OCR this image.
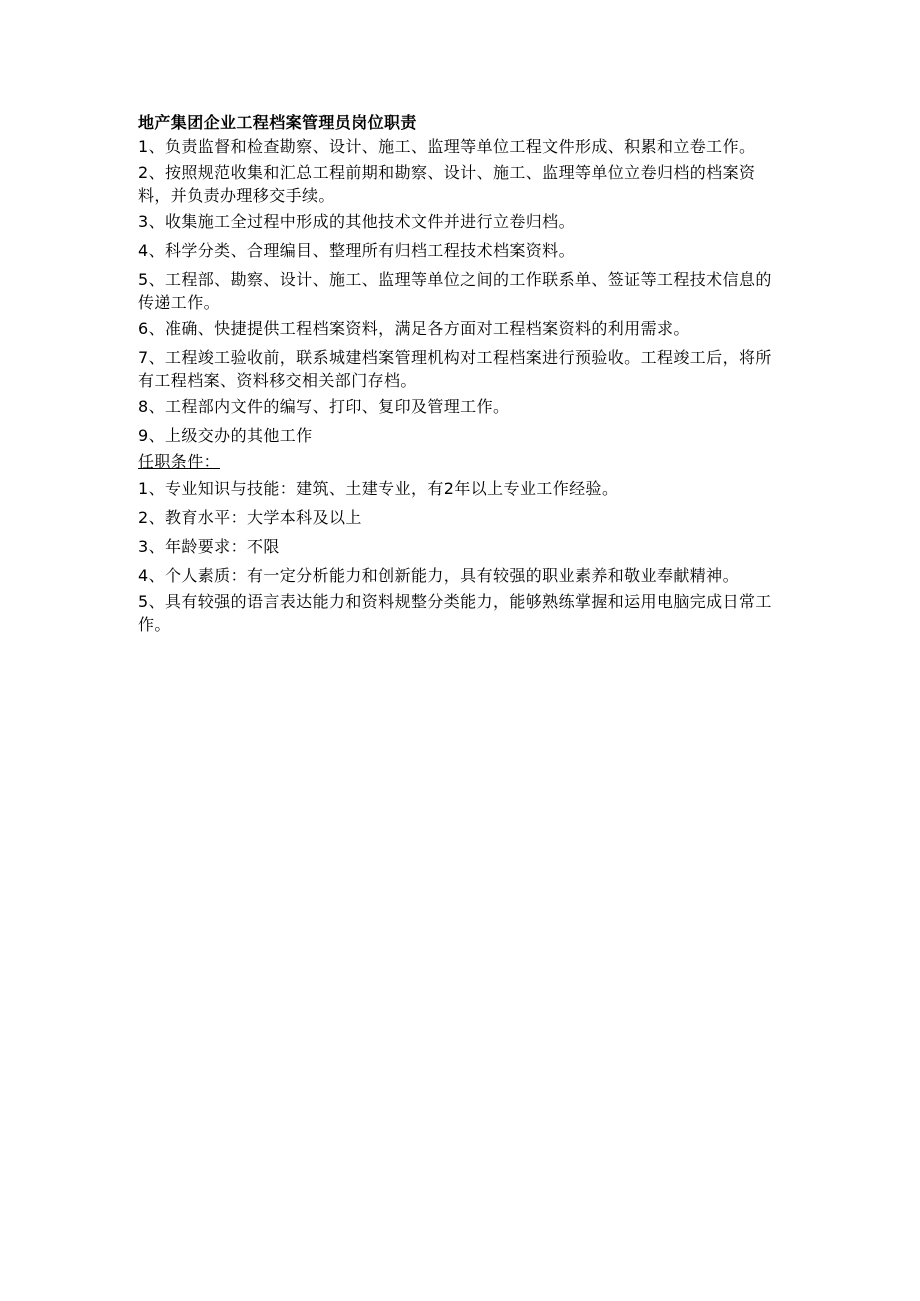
地产集团企业工程档案管理员岗位职责
1、负责监督和检查勘察、设计、施工、监理等单位工程文件形成、积累和立卷工作。
2、按照规范收集和汇总工程前期和勘察、设计、施工、监理等单位立卷归档的档案资料，并负责办理移交手续。
3、收集施工全过程中形成的其他技术文件并进行立卷归档。
4、科学分类、合理编目、整理所有归档工程技术档案资料。
5、工程部、勘察、设计、施工、监理等单位之间的工作联系单、签证等工程技术信息的传递工作。
6、准确、快捷提供工程档案资料，满足各方面对工程档案资料的利用需求。
7、工程竣工验收前，联系城建档案管理机构对工程档案进行预验收。工程竣工后，将所有工程档案、资料移交相关部门存档。
8、工程部内文件的编写、打印、复印及管理工作。
9、上级交办的其他工作
任职条件：
1、专业知识与技能：建筑、土建专业，有2年以上专业工作经验。
2、教育水平：大学本科及以上
3、年龄要求：不限
4、个人素质：有一定分析能力和创新能力，具有较强的职业素养和敬业奉献精神。
5、具有较强的语言表达能力和资料规整分类能力，能够熟练掌握和运用电脑完成日常工作。
